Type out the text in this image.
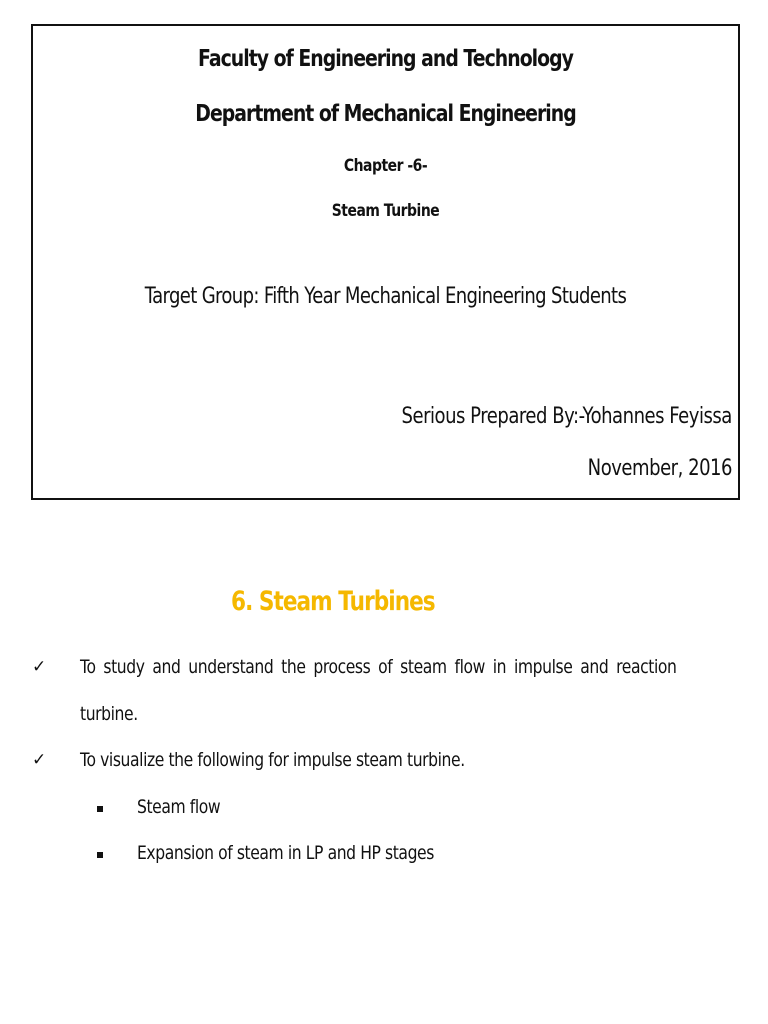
Faculty of Engineering and Technology
Department of Mechanical Engineering
Chapter -6-
Steam Turbine
Target Group: Fifth Year Mechanical Engineering Students
Serious Prepared By:-Yohannes Feyissa
November, 2016
6. Steam Turbines
✓ To study and understand the process of steam flow in impulse and reaction
turbine.
✓ To visualize the following for impulse steam turbine.
Steam flow
Expansion of steam in LP and HP stages
